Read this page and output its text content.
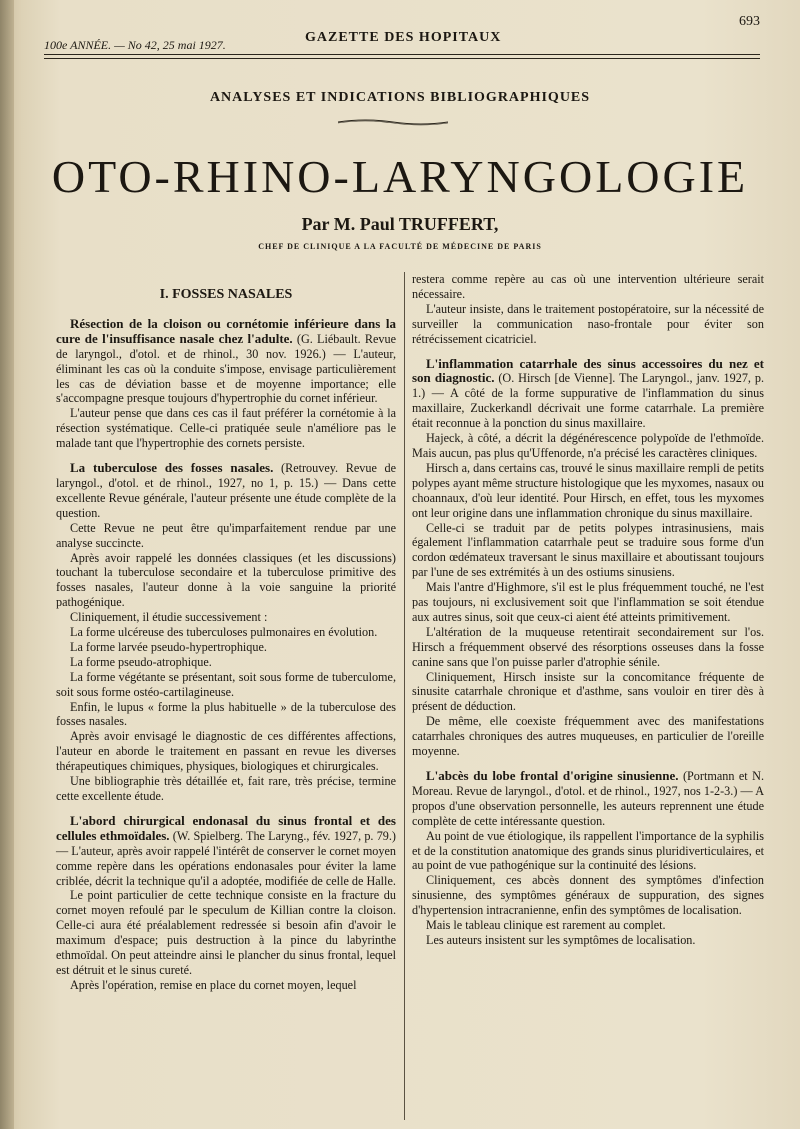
100e ANNÉE. — No 42, 25 mai 1927.	GAZETTE DES HOPITAUX
693
ANALYSES ET INDICATIONS BIBLIOGRAPHIQUES
OTO-RHINO-LARYNGOLOGIE
Par M. Paul TRUFFERT,
CHEF DE CLINIQUE A LA FACULTÉ DE MÉDECINE DE PARIS
I. FOSSES NASALES

Résection de la cloison ou cornétomie inférieure dans la cure de l'insuffisance nasale chez l'adulte. (G. Liébault. Revue de laryngol., d'otol. et de rhinol., 30 nov. 1926.) — L'auteur, éliminant les cas où la conduite s'impose, envisage particulièrement les cas de déviation basse et de moyenne importance; elle s'accompagne presque toujours d'hypertrophie du cornet inférieur.

L'auteur pense que dans ces cas il faut préférer la cornétomie à la résection systématique. Celle-ci pratiquée seule n'améliore pas le malade tant que l'hypertrophie des cornets persiste.

La tuberculose des fosses nasales. (Retrouvey. Revue de laryngol., d'otol. et de rhinol., 1927, no 1, p. 15.) — Dans cette excellente Revue générale, l'auteur présente une étude complète de la question.

Cette Revue ne peut être qu'imparfaitement rendue par une analyse succincte.

Après avoir rappelé les données classiques (et les discussions) touchant la tuberculose secondaire et la tuberculose primitive des fosses nasales, l'auteur donne à la voie sanguine la priorité pathogénique.

Cliniquement, il étudie successivement :

La forme ulcéreuse des tuberculoses pulmonaires en évolution.

La forme larvée pseudo-hypertrophique.

La forme pseudo-atrophique.

La forme végétante se présentant, soit sous forme de tuberculome, soit sous forme ostéo-cartilagineuse.

Enfin, le lupus « forme la plus habituelle » de la tuberculose des fosses nasales.

Après avoir envisagé le diagnostic de ces différentes affections, l'auteur en aborde le traitement en passant en revue les diverses thérapeutiques chimiques, physiques, biologiques et chirurgicales.

Une bibliographie très détaillée et, fait rare, très précise, termine cette excellente étude.

L'abord chirurgical endonasal du sinus frontal et des cellules ethmoïdales. (W. Spielberg. The Laryng., fév. 1927, p. 79.) — L'auteur, après avoir rappelé l'intérêt de conserver le cornet moyen comme repère dans les opérations endonasales pour éviter la lame criblée, décrit la technique qu'il a adoptée, modifiée de celle de Halle.

Le point particulier de cette technique consiste en la fracture du cornet moyen refoulé par le speculum de Killian contre la cloison. Celle-ci aura été préalablement redressée si besoin afin d'avoir le maximum d'espace; puis destruction à la pince du labyrinthe ethmoïdal. On peut atteindre ainsi le plancher du sinus frontal, lequel est détruit et le sinus cureté.

Après l'opération, remise en place du cornet moyen, lequel

restera comme repère au cas où une intervention ultérieure serait nécessaire.

L'auteur insiste, dans le traitement postopératoire, sur la nécessité de surveiller la communication naso-frontale pour éviter son rétrécissement cicatriciel.

L'inflammation catarrhale des sinus accessoires du nez et son diagnostic. (O. Hirsch [de Vienne]. The Laryngol., janv. 1927, p. 1.) — A côté de la forme suppurative de l'inflammation du sinus maxillaire, Zuckerkandl décrivait une forme catarrhale. La première était reconnue à la ponction du sinus maxillaire.

Hajeck, à côté, a décrit la dégénérescence polypoïde de l'ethmoïde. Mais aucun, pas plus qu'Uffenorde, n'a précisé les caractères cliniques.

Hirsch a, dans certains cas, trouvé le sinus maxillaire rempli de petits polypes ayant même structure histologique que les myxomes, nasaux ou choannaux, d'où leur identité. Pour Hirsch, en effet, tous les myxomes ont leur origine dans une inflammation chronique du sinus maxillaire.

Celle-ci se traduit par de petits polypes intrasinusiens, mais également l'inflammation catarrhale peut se traduire sous forme d'un cordon œdémateux traversant le sinus maxillaire et aboutissant toujours par l'une de ses extrémités à un des ostiums sinusiens.

Mais l'antre d'Highmore, s'il est le plus fréquemment touché, ne l'est pas toujours, ni exclusivement soit que l'inflammation se soit étendue aux autres sinus, soit que ceux-ci aient été atteints primitivement.

L'altération de la muqueuse retentirait secondairement sur l'os. Hirsch a fréquemment observé des résorptions osseuses dans la fosse canine sans que l'on puisse parler d'atrophie sénile.

Cliniquement, Hirsch insiste sur la concomitance fréquente de sinusite catarrhale chronique et d'asthme, sans vouloir en tirer dès à présent de déduction.

De même, elle coexiste fréquemment avec des manifestations catarrhales chroniques des autres muqueuses, en particulier de l'oreille moyenne.

L'abcès du lobe frontal d'origine sinusienne. (Portmann et N. Moreau. Revue de laryngol., d'otol. et de rhinol., 1927, nos 1-2-3.) — A propos d'une observation personnelle, les auteurs reprennent une étude complète de cette intéressante question.

Au point de vue étiologique, ils rappellent l'importance de la syphilis et de la constitution anatomique des grands sinus pluridiverticulaires, et au point de vue pathogénique sur la continuité des lésions.

Cliniquement, ces abcès donnent des symptômes d'infection sinusienne, des symptômes généraux de suppuration, des signes d'hypertension intracranienne, enfin des symptômes de localisation.

Mais le tableau clinique est rarement au complet.

Les auteurs insistent sur les symptômes de localisation.
